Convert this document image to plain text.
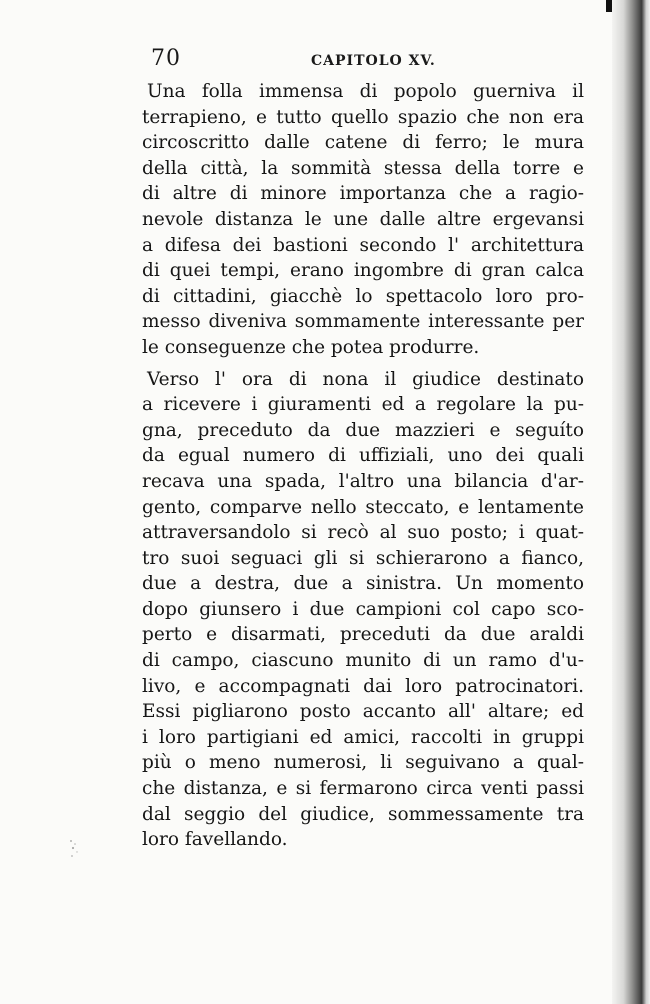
70	CAPITOLO XV.
Una folla immensa di popolo guerniva il
terrapieno, e tutto quello spazio che non era
circoscritto dalle catene di ferro; le mura
della città, la sommità stessa della torre e
di altre di minore importanza che a ragio-
nevole distanza le une dalle altre ergevansi
a difesa dei bastioni secondo l' architettura
di quei tempi, erano ingombre di gran calca
di cittadini, giacchè lo spettacolo loro pro-
messo diveniva sommamente interessante per
le conseguenze che potea produrre.
Verso l' ora di nona il giudice destinato
a ricevere i giuramenti ed a regolare la pu-
gna, preceduto da due mazzieri e seguíto
da egual numero di uffiziali, uno dei quali
recava una spada, l'altro una bilancia d'ar-
gento, comparve nello steccato, e lentamente
attraversandolo si recò al suo posto; i quat-
tro suoi seguaci gli si schierarono a fianco,
due a destra, due a sinistra. Un momento
dopo giunsero i due campioni col capo sco-
perto e disarmati, preceduti da due araldi
di campo, ciascuno munito di un ramo d'u-
livo, e accompagnati dai loro patrocinatori.
Essi pigliarono posto accanto all' altare; ed
i loro partigiani ed amici, raccolti in gruppi
più o meno numerosi, li seguivano a qual-
che distanza, e si fermarono circa venti passi
dal seggio del giudice, sommessamente tra
loro favellando.
